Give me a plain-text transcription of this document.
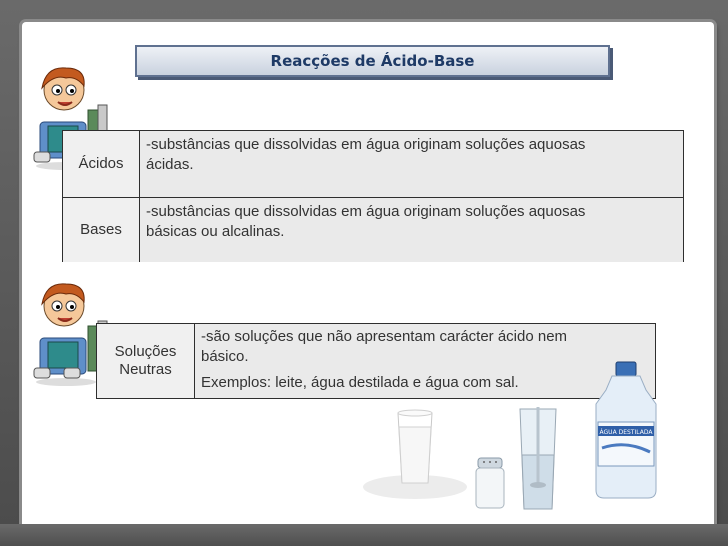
Reacções de Ácido-Base
Ácidos
-substâncias que dissolvidas em água originam soluções aquosas
ácidas.
Bases
-substâncias que dissolvidas em água originam soluções aquosas
básicas ou alcalinas.
Soluções
Neutras
-são soluções que não apresentam carácter ácido nem
básico.
Exemplos: leite, água destilada e água com sal.
ÁGUA DESTILADA
